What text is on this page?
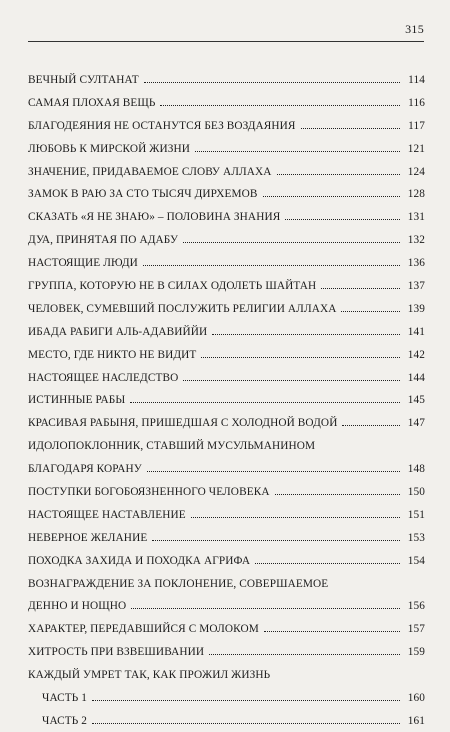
315
ВЕЧНЫЙ СУЛТАНАТ	114
САМАЯ ПЛОХАЯ ВЕЩЬ	116
БЛАГОДЕЯНИЯ НЕ ОСТАНУТСЯ БЕЗ ВОЗДАЯНИЯ	117
ЛЮБОВЬ К МИРСКОЙ ЖИЗНИ	121
ЗНАЧЕНИЕ, ПРИДАВАЕМОЕ СЛОВУ АЛЛАХА	124
ЗАМОК В РАЮ ЗА СТО ТЫСЯЧ ДИРХЕМОВ	128
СКАЗАТЬ «Я НЕ ЗНАЮ» – ПОЛОВИНА ЗНАНИЯ	131
ДУА, ПРИНЯТАЯ ПО АДАБУ	132
НАСТОЯЩИЕ ЛЮДИ	136
ГРУППА, КОТОРУЮ НЕ В СИЛАХ ОДОЛЕТЬ ШАЙТАН	137
ЧЕЛОВЕК, СУМЕВШИЙ ПОСЛУЖИТЬ РЕЛИГИИ АЛЛАХА	139
ИБАДА РАБИГИ АЛЬ-АДАВИЙЙИ	141
МЕСТО, ГДЕ НИКТО НЕ ВИДИТ	142
НАСТОЯЩЕЕ НАСЛЕДСТВО	144
ИСТИННЫЕ РАБЫ	145
КРАСИВАЯ РАБЫНЯ, ПРИШЕДШАЯ С ХОЛОДНОЙ ВОДОЙ	147
ИДОЛОПОКЛОННИК, СТАВШИЙ МУСУЛЬМАНИНОМ
БЛАГОДАРЯ КОРАНУ	148
ПОСТУПКИ БОГОБОЯЗНЕННОГО ЧЕЛОВЕКА	150
НАСТОЯЩЕЕ НАСТАВЛЕНИЕ	151
НЕВЕРНОЕ ЖЕЛАНИЕ	153
ПОХОДКА ЗАХИДА И ПОХОДКА АГРИФА	154
ВОЗНАГРАЖДЕНИЕ ЗА ПОКЛОНЕНИЕ, СОВЕРШАЕМОЕ
ДЕННО И НОЩНО	156
ХАРАКТЕР, ПЕРЕДАВШИЙСЯ С МОЛОКОМ	157
ХИТРОСТЬ ПРИ ВЗВЕШИВАНИИ	159
КАЖДЫЙ УМРЕТ ТАК, КАК ПРОЖИЛ ЖИЗНЬ
ЧАСТЬ 1	160
ЧАСТЬ 2	161
